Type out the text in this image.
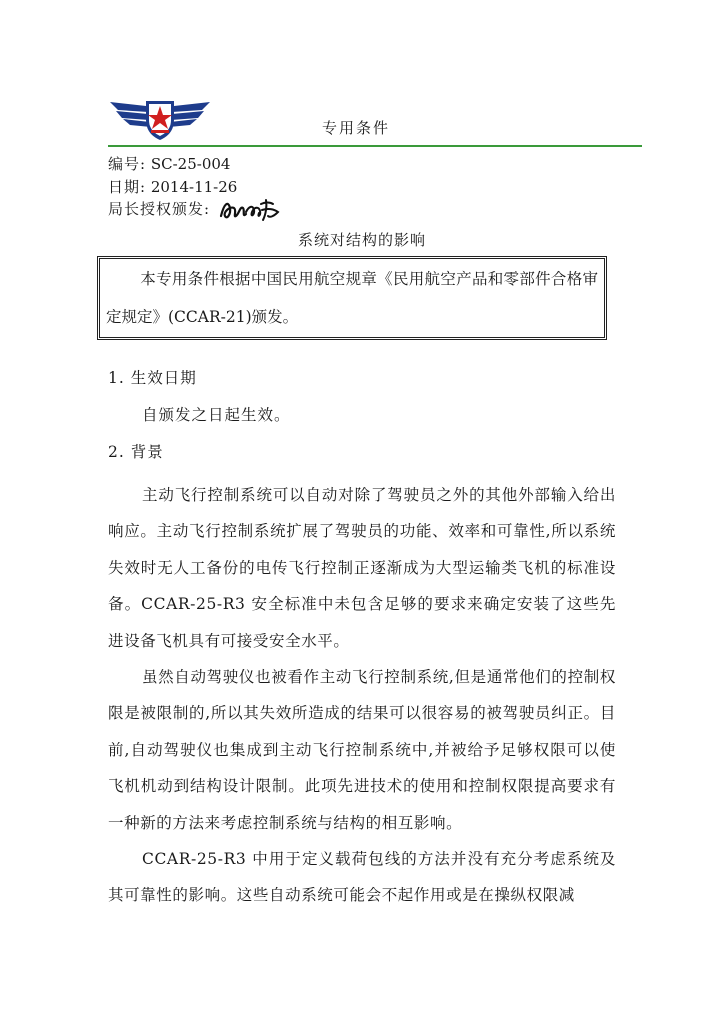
专用条件
编号: SC-25-004
日期: 2014-11-26
局长授权颁发:
系统对结构的影响
本专用条件根据中国民用航空规章《民用航空产品和零部件合格审定规定》(CCAR-21)颁发。
1. 生效日期
自颁发之日起生效。
2. 背景

主动飞行控制系统可以自动对除了驾驶员之外的其他外部输入给出响应。主动飞行控制系统扩展了驾驶员的功能、效率和可靠性,所以系统失效时无人工备份的电传飞行控制正逐渐成为大型运输类飞机的标准设备。CCAR-25-R3 安全标准中未包含足够的要求来确定安装了这些先进设备飞机具有可接受安全水平。

虽然自动驾驶仪也被看作主动飞行控制系统,但是通常他们的控制权限是被限制的,所以其失效所造成的结果可以很容易的被驾驶员纠正。目前,自动驾驶仪也集成到主动飞行控制系统中,并被给予足够权限可以使飞机机动到结构设计限制。此项先进技术的使用和控制权限提高要求有一种新的方法来考虑控制系统与结构的相互影响。

CCAR-25-R3 中用于定义载荷包线的方法并没有充分考虑系统及其可靠性的影响。这些自动系统可能会不起作用或是在操纵权限减
